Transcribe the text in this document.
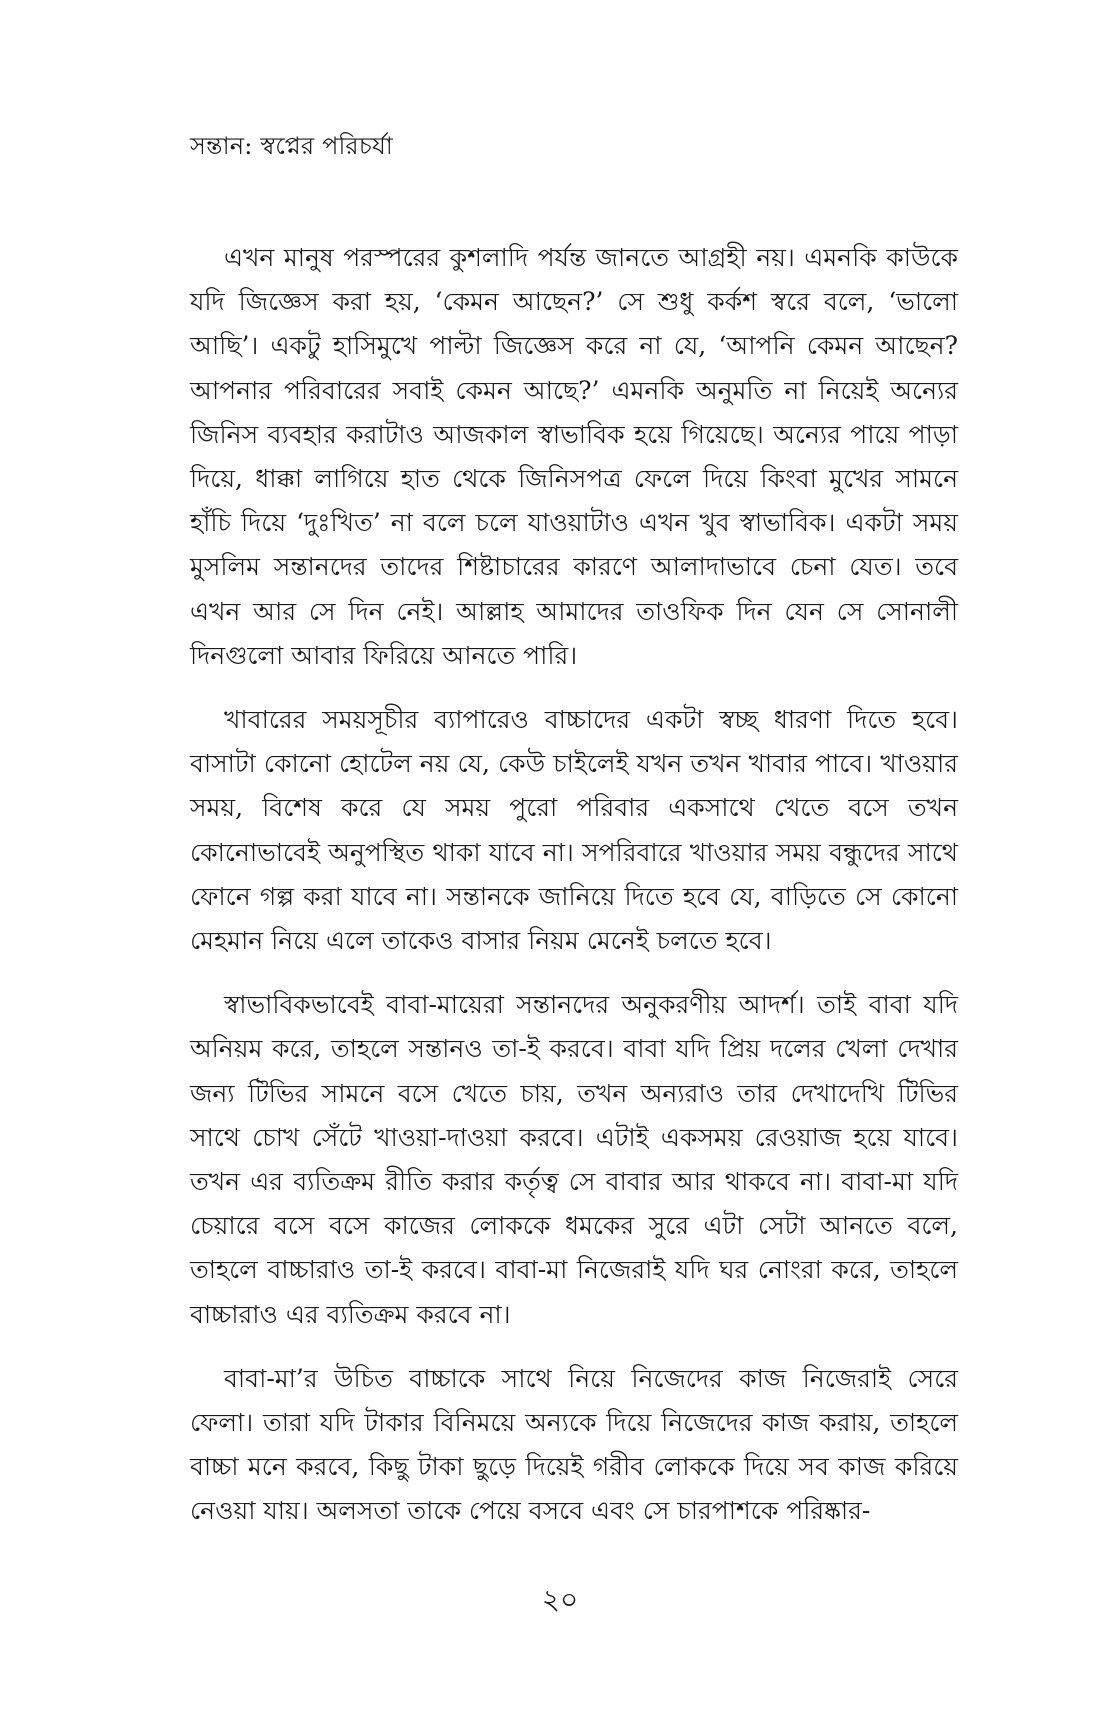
সন্তান: স্বপ্নের পরিচর্যা

এখন মানুষ পরস্পরের কুশলাদি পর্যন্ত জানতে আগ্রহী নয়। এমনকি কাউকে যদি জিজ্ঞেস করা হয়, ‘কেমন আছেন?’ সে শুধু কর্কশ স্বরে বলে, ‘ভালো আছি’। একটু হাসিমুখে পাল্টা জিজ্ঞেস করে না যে, ‘আপনি কেমন আছেন? আপনার পরিবারের সবাই কেমন আছে?’ এমনকি অনুমতি না নিয়েই অন্যের জিনিস ব্যবহার করাটাও আজকাল স্বাভাবিক হয়ে গিয়েছে। অন্যের পায়ে পাড়া দিয়ে, ধাক্কা লাগিয়ে হাত থেকে জিনিসপত্র ফেলে দিয়ে কিংবা মুখের সামনে হাঁচি দিয়ে ‘দুঃখিত’ না বলে চলে যাওয়াটাও এখন খুব স্বাভাবিক। একটা সময় মুসলিম সন্তানদের তাদের শিষ্টাচারের কারণে আলাদাভাবে চেনা যেত। তবে এখন আর সে দিন নেই। আল্লাহ আমাদের তাওফিক দিন যেন সে সোনালী দিনগুলো আবার ফিরিয়ে আনতে পারি।

খাবারের সময়সূচীর ব্যাপারেও বাচ্চাদের একটা স্বচ্ছ ধারণা দিতে হবে। বাসাটা কোনো হোটেল নয় যে, কেউ চাইলেই যখন তখন খাবার পাবে। খাওয়ার সময়, বিশেষ করে যে সময় পুরো পরিবার একসাথে খেতে বসে তখন কোনোভাবেই অনুপস্থিত থাকা যাবে না। সপরিবারে খাওয়ার সময় বন্ধুদের সাথে ফোনে গল্প করা যাবে না। সন্তানকে জানিয়ে দিতে হবে যে, বাড়িতে সে কোনো মেহমান নিয়ে এলে তাকেও বাসার নিয়ম মেনেই চলতে হবে।

স্বাভাবিকভাবেই বাবা-মায়েরা সন্তানদের অনুকরণীয় আদর্শ। তাই বাবা যদি অনিয়ম করে, তাহলে সন্তানও তা-ই করবে। বাবা যদি প্রিয় দলের খেলা দেখার জন্য টিভির সামনে বসে খেতে চায়, তখন অন্যরাও তার দেখাদেখি টিভির সাথে চোখ সেঁটে খাওয়া-দাওয়া করবে। এটাই একসময় রেওয়াজ হয়ে যাবে। তখন এর ব্যতিক্রম রীতি করার কর্তৃত্ব সে বাবার আর থাকবে না। বাবা-মা যদি চেয়ারে বসে বসে কাজের লোককে ধমকের সুরে এটা সেটা আনতে বলে, তাহলে বাচ্চারাও তা-ই করবে। বাবা-মা নিজেরাই যদি ঘর নোংরা করে, তাহলে বাচ্চারাও এর ব্যতিক্রম করবে না।

বাবা-মা’র উচিত বাচ্চাকে সাথে নিয়ে নিজেদের কাজ নিজেরাই সেরে ফেলা। তারা যদি টাকার বিনিময়ে অন্যকে দিয়ে নিজেদের কাজ করায়, তাহলে বাচ্চা মনে করবে, কিছু টাকা ছুড়ে দিয়েই গরীব লোককে দিয়ে সব কাজ করিয়ে নেওয়া যায়। অলসতা তাকে পেয়ে বসবে এবং সে চারপাশকে পরিষ্কার-

২০
